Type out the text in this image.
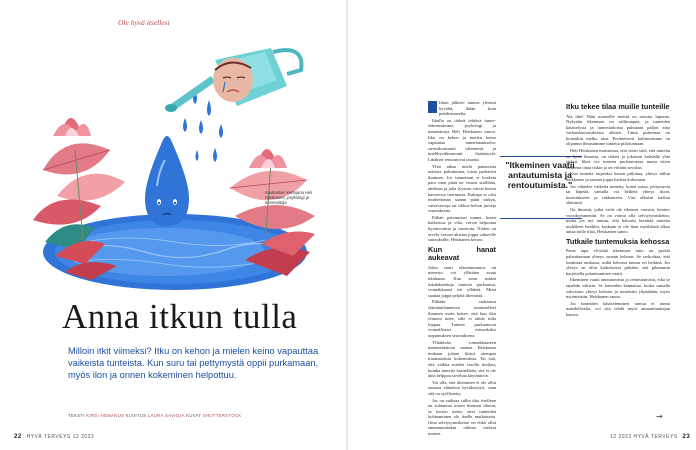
Ole hyvä itsellesi
Kuvituksen kertojana Heli Heiskanen, psykologi ja tunnetaitoja
Anna itkun tulla

Milloin itkit viimeksi? Itku on kehon ja mielen keino vapauttaa vaikeista tunteista. Kun suru tai pettymystä oppii purkamaan, myös ilon ja onnen kokeminen helpottuu.

TEKSTI KIRSI HEMANUS KUVITUS LAURA SAVIOJA KUVAT SHUTTERSTOCK
22 HYVÄ TERVEYS 12 2023

Itkun jälkeen tunnus yleensä hyvältä, ikään kuin puhdistuneelta.

Itkulla on tärkeä tehtävä tunne-elämässämme, psykologi ja tunnetaitoja Heli Heiskanen sanoo. Itku on kehon ja mielen keino vapauttaa tunnelataukselta: stressihormonit vähenevät ja mielihyvähormonit lisääntyvät. Lihakset rentoutuvat tauotta.

Yhtä aikaa mielä painavista asioista puhuminen, toista parhaiten ihminen. Jos tunnetiuni ei kosketa para vaan pitää ne visusti sisällään, ahdistus ja joka fyysiset vaivat kietoa kasvaessa tuormasta. Kukapa ei olisi murhettonan saanut pään särkyä, vatsavaivoja tai rikkoa kehon jumeja seurauksena.

Pitkän patoumiset tunnet, kuten katkeruus ja viha, voivat helpottaa hyvinvointia ja vaurioita. Niiden on arvelu voivan altistaa joppa vakaville sairauksille, Heiskanen kertoo.

Kun hanat aukeavat

Jokin suuri elämänmuutos tai menetys voi yllättäen avata itkuhanat. Kun suuri määrä tukahdutettuja tunteita purkautuu, voimakkaasti voi yllättää. Moni saattaa joppa peljätä itkemistä.

Pitkään raskaassa elämäntilanteessa tunnistelleet ihminen usein kokee, että kun itku viimein tulee, sille ei tahdo tulla loppua. Tunteet purkautuvat voimallisesti esimerkiksi uupumuksen seurauksena.

Yllättävän voimakkaaseen tunnereaktioon saattaa Heiskasen mukaan johtaa liittyä aiempaa traumaattista kokemuksia. Tai sitä, että vaikka mielen tasolla tiedäisi, kuinka tunteita käsitellään, sitä ei ole aina helppoa soveltaa käytäntöön.

Voi olla, että itkeminen ei ole ollut omassa elämässä hyväksyttyä, vaan sitä on syyllistetty.

Jos on vaikeaa sallia itku itselleen tai suhtautua toisen ihmisen itkuun, se kertoo usein, ettei tunteiden kohtaaminen ole itselle mutkatonta. Oma selviytymiskeino on ehkä ollut ennenmmiinkin ohittaa vaikeat tunteet.

"Itkeminen vaatii antautumista ja rentoutumista."
Itku tekee tilaa muille tunteille

Älä itke! Näin moneelle meistä on sanottu lapsena. Nykyään itkemisen on sallitumpaa, ja tunteiden käsittelystä ja tunnetaidoista puhutaan paljon aina varhaiskasvatuksesta alkaen. Tämä puheenaa on kuitenkin melko uusi. Perinteisesti kulttuurimme on ohjannut ihmisiämme tunteita piilottamaan.

Heli Heiskanen muistuttaa, että viesti siitä, että tunteita on hyvä ilmaista, on tärkeä ja jokaisen kohdalla yhtä tärkeä. Itkeä voi tunteen purkautuessa mutta sitten tunteena ottaa riskin ja on erittäin arvokas.

Kun tunteita tarpeeksi kauan piilottaa, yhteys niihin heikkenee ja saattaa joppa kadota kokonaan.

Jos vähtelee vaikeita tunteita, kuten surua, pettymystä tai häpeää, samalla voi heiketä yhteys iloon, innostukseen ja rakkauteen. Väri alkavat kadota elämästä.

On ihmisiä, jotka eivät ole itkeneet vuosiin, kenties vuosikymmeniin. Se on voinut olla selviytymiskeino, mutta jos nyt tuntuu, että haluaisi herättää tunteita uudelleen henkiin, koskaan ei ole liian myöhäistä alkaa antaa niille tilaa, Heiskanen sanoo.

Tutkaile tuntemuksia kehossa

Paras tapa elvyttää itkemisen taito on pyrkiä palauttamaan yhteys omaan kehoon. Se tarkoittaa, että tunnistaa rauhassa, miltä kehossa tuntuu eri hetkinä. Jos yhteys on ollut katkoksissa pitkään, sitä pikemmin harjoitella palauttaminen vaatii.

Itkeminen vaatii antautumista ja rentoutumista, eikä se tapahdu väkisin. Se kuitenkin kannattaa, koska samalla vahvistuu yhteys kehoon ja tunteisiin ylipäätään, myös myönteisiin, Heiskanen sanoo.

Jos tunteiden käsitteleminen tuntuu ei tunnu mahdolliselta, voi sitä tehdä myös ammattiauttajan kanssa.

→
12 2023 HYVÄ TERVEYS 23
